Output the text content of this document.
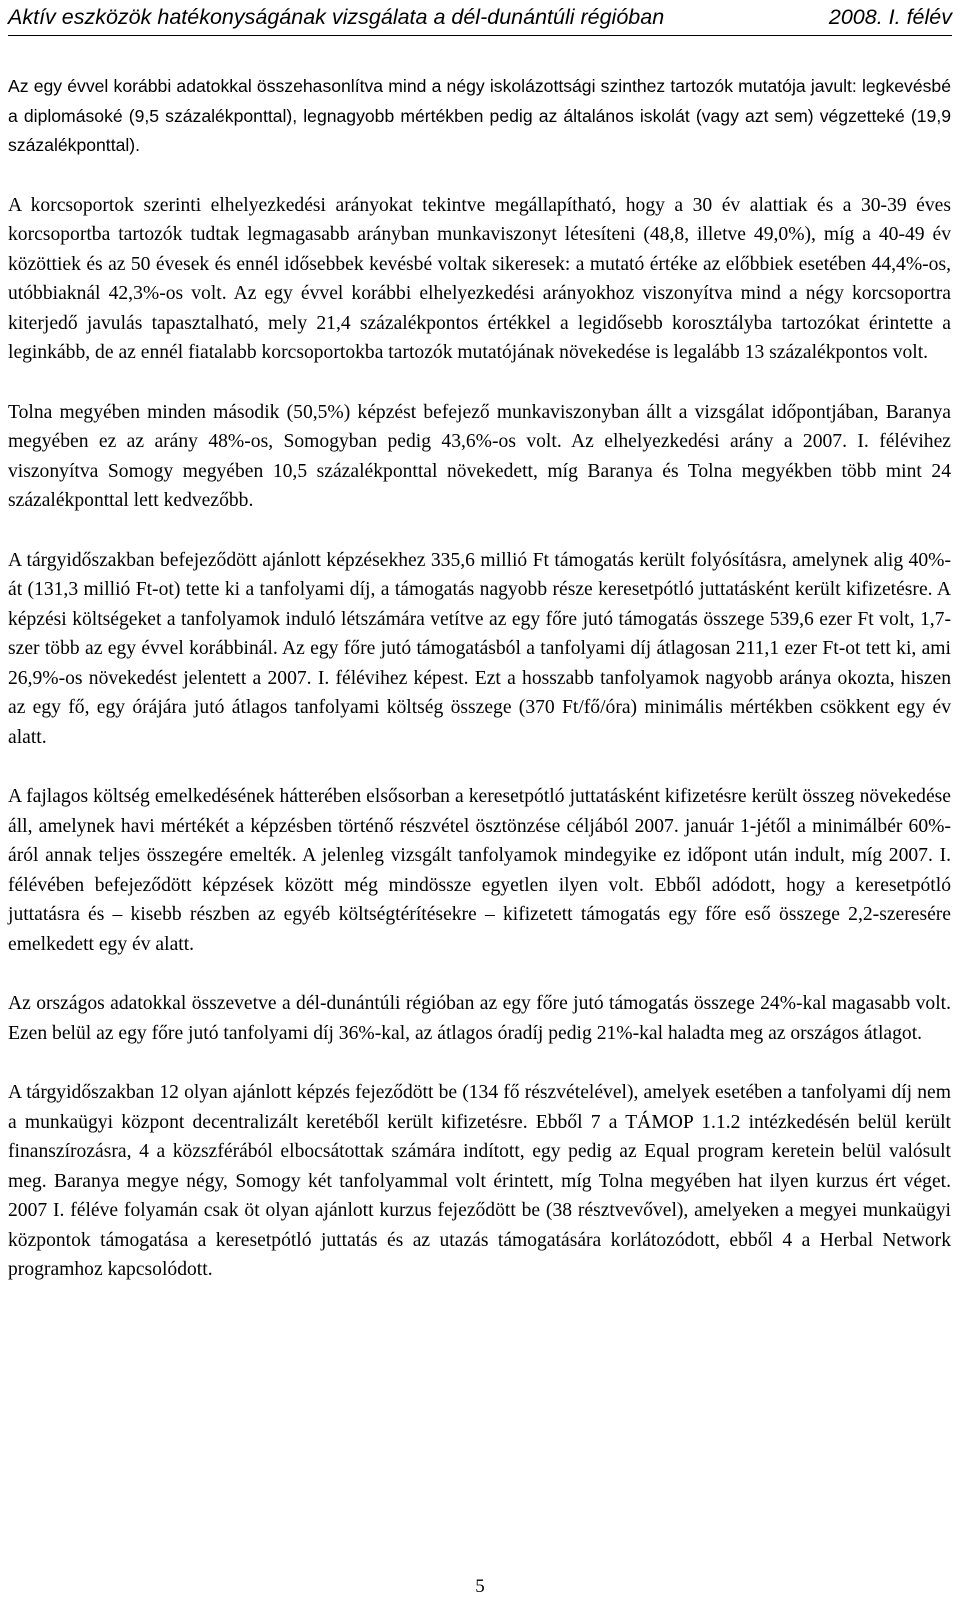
Aktív eszközök hatékonyságának vizsgálata a dél-dunántúli régióban	2008. I. félév

Az egy évvel korábbi adatokkal összehasonlítva mind a négy iskolázottsági szinthez tartozók mutatója javult: legkevésbé a diplomásoké (9,5 százalékponttal), legnagyobb mértékben pedig az általános iskolát (vagy azt sem) végzetteké (19,9 százalékponttal).

A korcsoportok szerinti elhelyezkedési arányokat tekintve megállapítható, hogy a 30 év alattiak és a 30-39 éves korcsoportba tartozók tudtak legmagasabb arányban munkaviszonyt létesíteni (48,8, illetve 49,0%), míg a 40-49 év közöttiek és az 50 évesek és ennél idősebbek kevésbé voltak sikeresek: a mutató értéke az előbbiek esetében 44,4%-os, utóbbiaknál 42,3%-os volt. Az egy évvel korábbi elhelyezkedési arányokhoz viszonyítva mind a négy korcsoportra kiterjedő javulás tapasztalható, mely 21,4 százalékpontos értékkel a legidősebb korosztályba tartozókat érintette a leginkább, de az ennél fiatalabb korcsoportokba tartozók mutatójának növekedése is legalább 13 százalékpontos volt.

Tolna megyében minden második (50,5%) képzést befejező munkaviszonyban állt a vizsgálat időpontjában, Baranya megyében ez az arány 48%-os, Somogyban pedig 43,6%-os volt. Az elhelyezkedési arány a 2007. I. félévihez viszonyítva Somogy megyében 10,5 százalékponttal növekedett, míg Baranya és Tolna megyékben több mint 24 százalékponttal lett kedvezőbb.

A tárgyidőszakban befejeződött ajánlott képzésekhez 335,6 millió Ft támogatás került folyósításra, amelynek alig 40%-át (131,3 millió Ft-ot) tette ki a tanfolyami díj, a támogatás nagyobb része keresetpótló juttatásként került kifizetésre. A képzési költségeket a tanfolyamok induló létszámára vetítve az egy főre jutó támogatás összege 539,6 ezer Ft volt, 1,7-szer több az egy évvel korábbinál. Az egy főre jutó támogatásból a tanfolyami díj átlagosan 211,1 ezer Ft-ot tett ki, ami 26,9%-os növekedést jelentett a 2007. I. félévihez képest. Ezt a hosszabb tanfolyamok nagyobb aránya okozta, hiszen az egy fő, egy órájára jutó átlagos tanfolyami költség összege (370 Ft/fő/óra) minimális mértékben csökkent egy év alatt.

A fajlagos költség emelkedésének hátterében elsősorban a keresetpótló juttatásként kifizetésre került összeg növekedése áll, amelynek havi mértékét a képzésben történő részvétel ösztönzése céljából 2007. január 1-jétől a minimálbér 60%-áról annak teljes összegére emelték. A jelenleg vizsgált tanfolyamok mindegyike ez időpont után indult, míg 2007. I. félévében befejeződött képzések között még mindössze egyetlen ilyen volt. Ebből adódott, hogy a keresetpótló juttatásra és – kisebb részben az egyéb költségtérítésekre – kifizetett támogatás egy főre eső összege 2,2-szeresére emelkedett egy év alatt.

Az országos adatokkal összevetve a dél-dunántúli régióban az egy főre jutó támogatás összege 24%-kal magasabb volt. Ezen belül az egy főre jutó tanfolyami díj 36%-kal, az átlagos óradíj pedig 21%-kal haladta meg az országos átlagot.

A tárgyidőszakban 12 olyan ajánlott képzés fejeződött be (134 fő részvételével), amelyek esetében a tanfolyami díj nem a munkaügyi központ decentralizált keretéből került kifizetésre. Ebből 7 a TÁMOP 1.1.2 intézkedésén belül került finanszírozásra, 4 a közszférából elbocsátottak számára indított, egy pedig az Equal program keretein belül valósult meg. Baranya megye négy, Somogy két tanfolyammal volt érintett, míg Tolna megyében hat ilyen kurzus ért véget. 2007 I. féléve folyamán csak öt olyan ajánlott kurzus fejeződött be (38 résztvevővel), amelyeken a megyei munkaügyi központok támogatása a keresetpótló juttatás és az utazás támogatására korlátozódott, ebből 4 a Herbal Network programhoz kapcsolódott.

5
